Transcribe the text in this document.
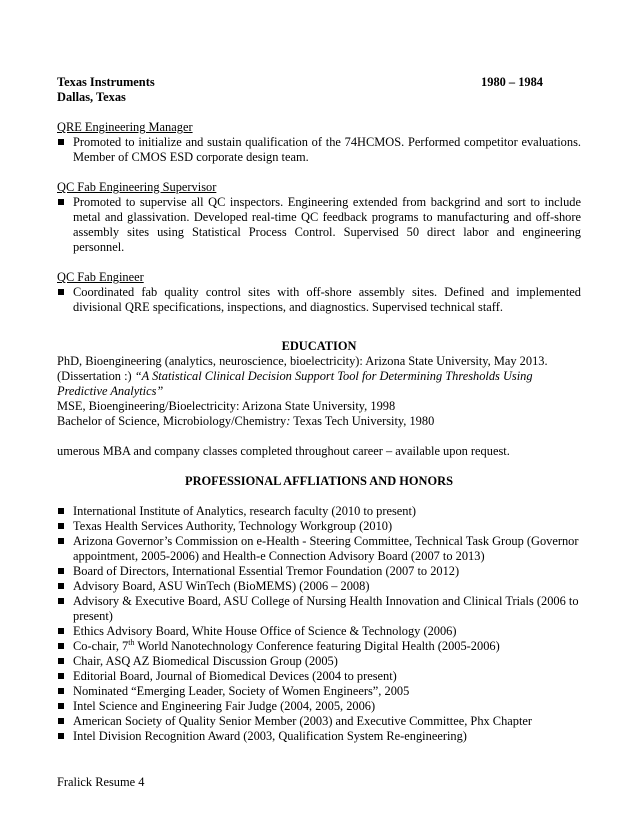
Texas Instruments	1980 – 1984
Dallas, Texas
QRE Engineering Manager
Promoted to initialize and sustain qualification of the 74HCMOS. Performed competitor evaluations. Member of CMOS ESD corporate design team.
QC Fab Engineering Supervisor
Promoted to supervise all QC inspectors. Engineering extended from backgrind and sort to include metal and glassivation. Developed real-time QC feedback programs to manufacturing and off-shore assembly sites using Statistical Process Control. Supervised 50 direct labor and engineering personnel.
QC Fab Engineer
Coordinated fab quality control sites with off-shore assembly sites. Defined and implemented divisional QRE specifications, inspections, and diagnostics. Supervised technical staff.
EDUCATION
PhD, Bioengineering (analytics, neuroscience, bioelectricity): Arizona State University, May 2013.
(Dissertation :) “A Statistical Clinical Decision Support Tool for Determining Thresholds Using Predictive Analytics”
MSE, Bioengineering/Bioelectricity: Arizona State University, 1998
Bachelor of Science, Microbiology/Chemistry: Texas Tech University, 1980
umerous MBA and company classes completed throughout career – available upon request.
PROFESSIONAL AFFLIATIONS AND HONORS
International Institute of Analytics, research faculty (2010 to present)
Texas Health Services Authority, Technology Workgroup (2010)
Arizona Governor’s Commission on e-Health - Steering Committee, Technical Task Group (Governor appointment, 2005-2006) and Health-e Connection Advisory Board (2007 to 2013)
Board of Directors, International Essential Tremor Foundation (2007 to 2012)
Advisory Board, ASU WinTech (BioMEMS) (2006 – 2008)
Advisory & Executive Board, ASU College of Nursing Health Innovation and Clinical Trials (2006 to present)
Ethics Advisory Board, White House Office of Science & Technology (2006)
Co-chair, 7th World Nanotechnology Conference featuring Digital Health (2005-2006)
Chair, ASQ AZ Biomedical Discussion Group (2005)
Editorial Board, Journal of Biomedical Devices (2004 to present)
Nominated “Emerging Leader, Society of Women Engineers”, 2005
Intel Science and Engineering Fair Judge (2004, 2005, 2006)
American Society of Quality Senior Member (2003) and Executive Committee, Phx Chapter
Intel Division Recognition Award (2003, Qualification System Re-engineering)
Fralick Resume 4
